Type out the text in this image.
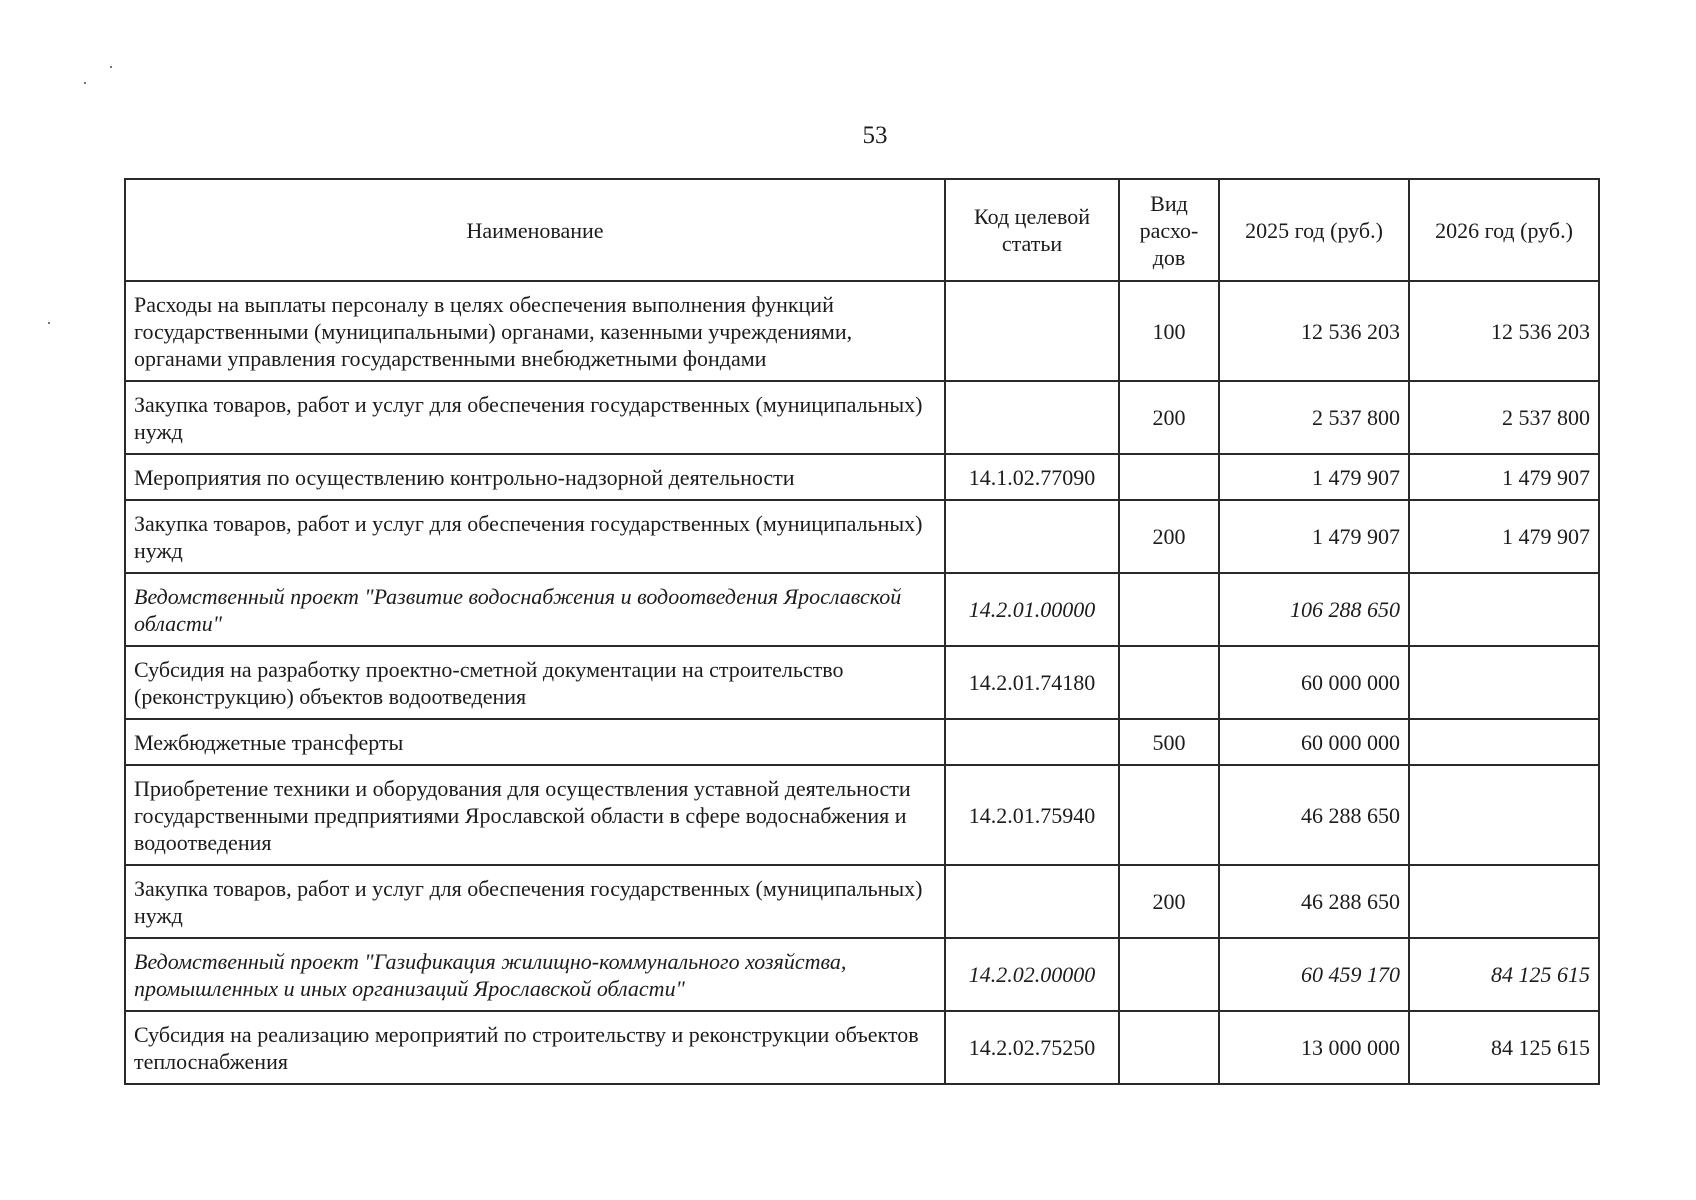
53
Наименование	Код целевой статьи	Вид расхо-дов	2025 год (руб.)	2026 год (руб.)
Расходы на выплаты персоналу в целях обеспечения выполнения функций государственными (муниципальными) органами, казенными учреждениями, органами управления государственными внебюджетными фондами		100	12 536 203	12 536 203
Закупка товаров, работ и услуг для обеспечения государственных (муниципальных) нужд		200	2 537 800	2 537 800
Мероприятия по осуществлению контрольно-надзорной деятельности	14.1.02.77090		1 479 907	1 479 907
Закупка товаров, работ и услуг для обеспечения государственных (муниципальных) нужд		200	1 479 907	1 479 907
Ведомственный проект "Развитие водоснабжения и водоотведения Ярославской области"	14.2.01.00000		106 288 650	
Субсидия на разработку проектно-сметной документации на строительство (реконструкцию) объектов водоотведения	14.2.01.74180		60 000 000	
Межбюджетные трансферты		500	60 000 000	
Приобретение техники и оборудования для осуществления уставной деятельности государственными предприятиями Ярославской области в сфере водоснабжения и водоотведения	14.2.01.75940		46 288 650	
Закупка товаров, работ и услуг для обеспечения государственных (муниципальных) нужд		200	46 288 650	
Ведомственный проект "Газификация жилищно-коммунального хозяйства, промышленных и иных организаций Ярославской области"	14.2.02.00000		60 459 170	84 125 615
Субсидия на реализацию мероприятий по строительству и реконструкции объектов теплоснабжения	14.2.02.75250		13 000 000	84 125 615
